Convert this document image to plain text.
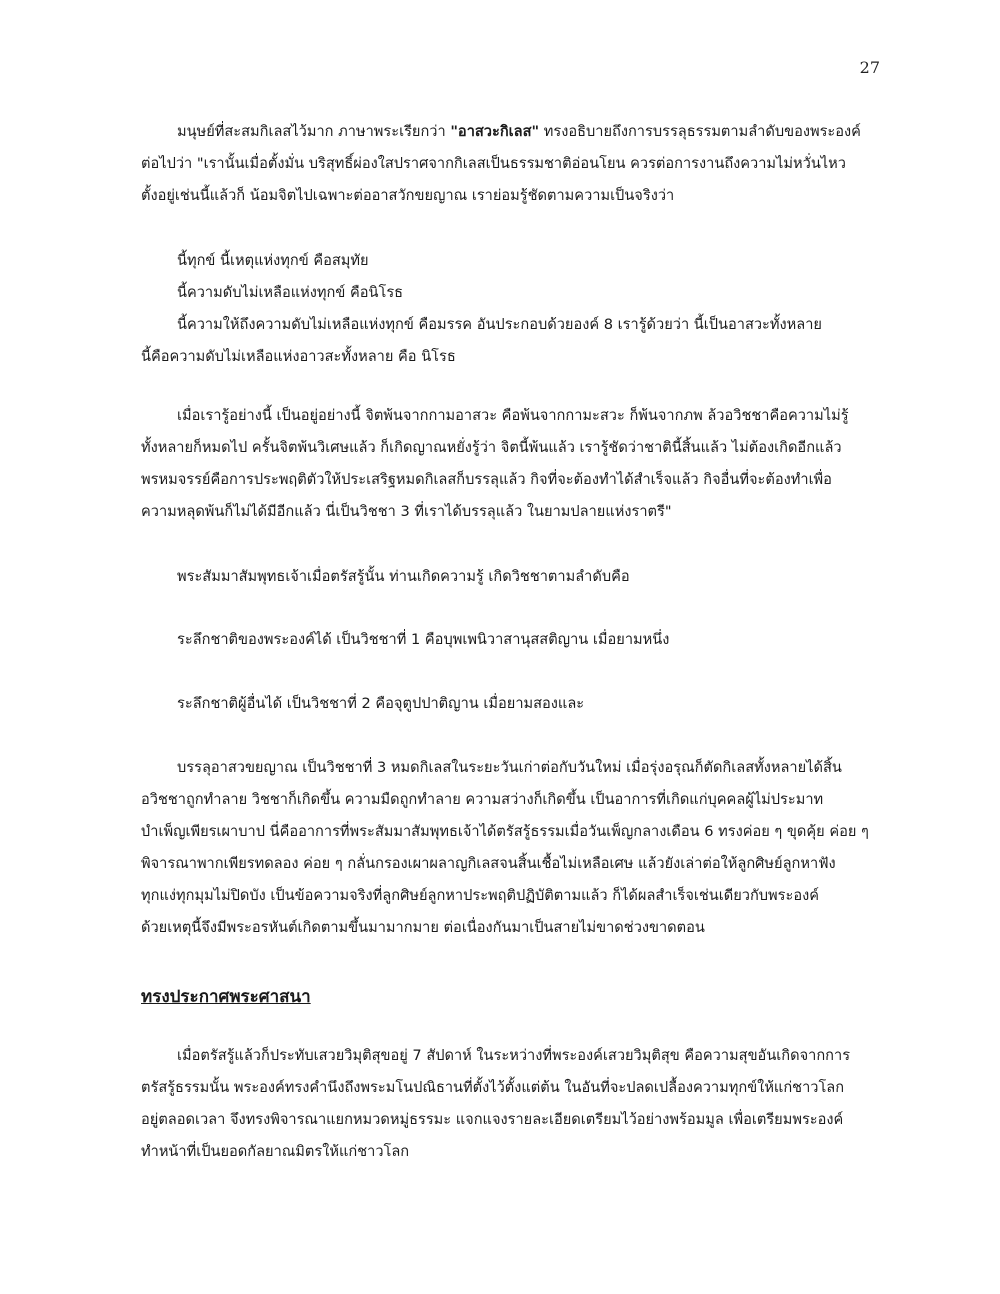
27
มนุษย์ที่สะสมกิเลสไว้มาก ภาษาพระเรียกว่า "อาสวะกิเลส" ทรงอธิบายถึงการบรรลุธรรมตามลำดับของพระองค์
ต่อไปว่า "เรานั้นเมื่อตั้งมั่น บริสุทธิ์ผ่องใสปราศจากกิเลสเป็นธรรมชาติอ่อนโยน ควรต่อการงานถึงความไม่หวั่นไหว
ตั้งอยู่เช่นนี้แล้วก็ น้อมจิตไปเฉพาะต่ออาสวักขยญาณ เราย่อมรู้ชัดตามความเป็นจริงว่า
นี้ทุกข์ นี้เหตุแห่งทุกข์ คือสมุทัย
นี้ความดับไม่เหลือแห่งทุกข์ คือนิโรธ
นี้ความให้ถึงความดับไม่เหลือแห่งทุกข์ คือมรรค อันประกอบด้วยองค์ 8 เรารู้ด้วยว่า นี้เป็นอาสวะทั้งหลาย
นี้คือความดับไม่เหลือแห่งอาวสะทั้งหลาย คือ นิโรธ
เมื่อเรารู้อย่างนี้ เป็นอยู่อย่างนี้ จิตพ้นจากกามอาสวะ คือพ้นจากกามะสวะ ก็พ้นจากภพ ล้วอวิชชาคือความไม่รู้
ทั้งหลายก็หมดไป ครั้นจิตพ้นวิเศษแล้ว ก็เกิดญาณหยั่งรู้ว่า จิตนี้พ้นแล้ว เรารู้ชัดว่าชาตินี้สิ้นแล้ว ไม่ต้องเกิดอีกแล้ว
พรหมจรรย์คือการประพฤติตัวให้ประเสริฐหมดกิเลสก็บรรลุแล้ว กิจที่จะต้องทำได้สำเร็จแล้ว กิจอื่นที่จะต้องทำเพื่อ
ความหลุดพ้นก็ไม่ได้มีอีกแล้ว นี่เป็นวิชชา 3 ที่เราได้บรรลุแล้ว ในยามปลายแห่งราตรี"
พระสัมมาสัมพุทธเจ้าเมื่อตรัสรู้นั้น ท่านเกิดความรู้ เกิดวิชชาตามลำดับคือ
ระลึกชาติของพระองค์ได้ เป็นวิชชาที่ 1 คือบุพเพนิวาสานุสสติญาน เมื่อยามหนึ่ง
ระลึกชาติผู้อื่นได้ เป็นวิชชาที่ 2 คือจุตูปปาติญาน เมื่อยามสองและ
บรรลุอาสวขยญาณ เป็นวิชชาที่ 3 หมดกิเลสในระยะวันเก่าต่อกับวันใหม่ เมื่อรุ่งอรุณก็ตัดกิเลสทั้งหลายได้สิ้น
อวิชชาถูกทำลาย วิชชาก็เกิดขึ้น ความมืดถูกทำลาย ความสว่างก็เกิดขึ้น เป็นอาการที่เกิดแก่บุคคลผู้ไม่ประมาท
บำเพ็ญเพียรเผาบาป นี่คืออาการที่พระสัมมาสัมพุทธเจ้าได้ตรัสรู้ธรรมเมื่อวันเพ็ญกลางเดือน 6 ทรงค่อย ๆ ขุดคุ้ย ค่อย ๆ
พิจารณาพากเพียรทดลอง ค่อย ๆ กลั่นกรองเผาผลาญกิเลสจนสิ้นเชื้อไม่เหลือเศษ แล้วยังเล่าต่อให้ลูกศิษย์ลูกหาฟัง
ทุกแง่ทุกมุมไม่ปิดบัง เป็นข้อความจริงที่ลูกศิษย์ลูกหาประพฤติปฏิบัติตามแล้ว ก็ได้ผลสำเร็จเช่นเดียวกับพระองค์
ด้วยเหตุนี้จึงมีพระอรหันต์เกิดตามขึ้นมามากมาย ต่อเนื่องกันมาเป็นสายไม่ขาดช่วงขาดตอน
ทรงประกาศพระศาสนา
เมื่อตรัสรู้แล้วก็ประทับเสวยวิมุติสุขอยู่ 7 สัปดาห์ ในระหว่างที่พระองค์เสวยวิมุติสุข คือความสุขอันเกิดจากการ
ตรัสรู้ธรรมนั้น พระองค์ทรงคำนึงถึงพระมโนปณิธานที่ตั้งไว้ตั้งแต่ต้น ในอันที่จะปลดเปลื้องความทุกข์ให้แก่ชาวโลก
อยู่ตลอดเวลา จึงทรงพิจารณาแยกหมวดหมู่ธรรมะ แจกแจงรายละเอียดเตรียมไว้อย่างพร้อมมูล เพื่อเตรียมพระองค์
ทำหน้าที่เป็นยอดกัลยาณมิตรให้แก่ชาวโลก
